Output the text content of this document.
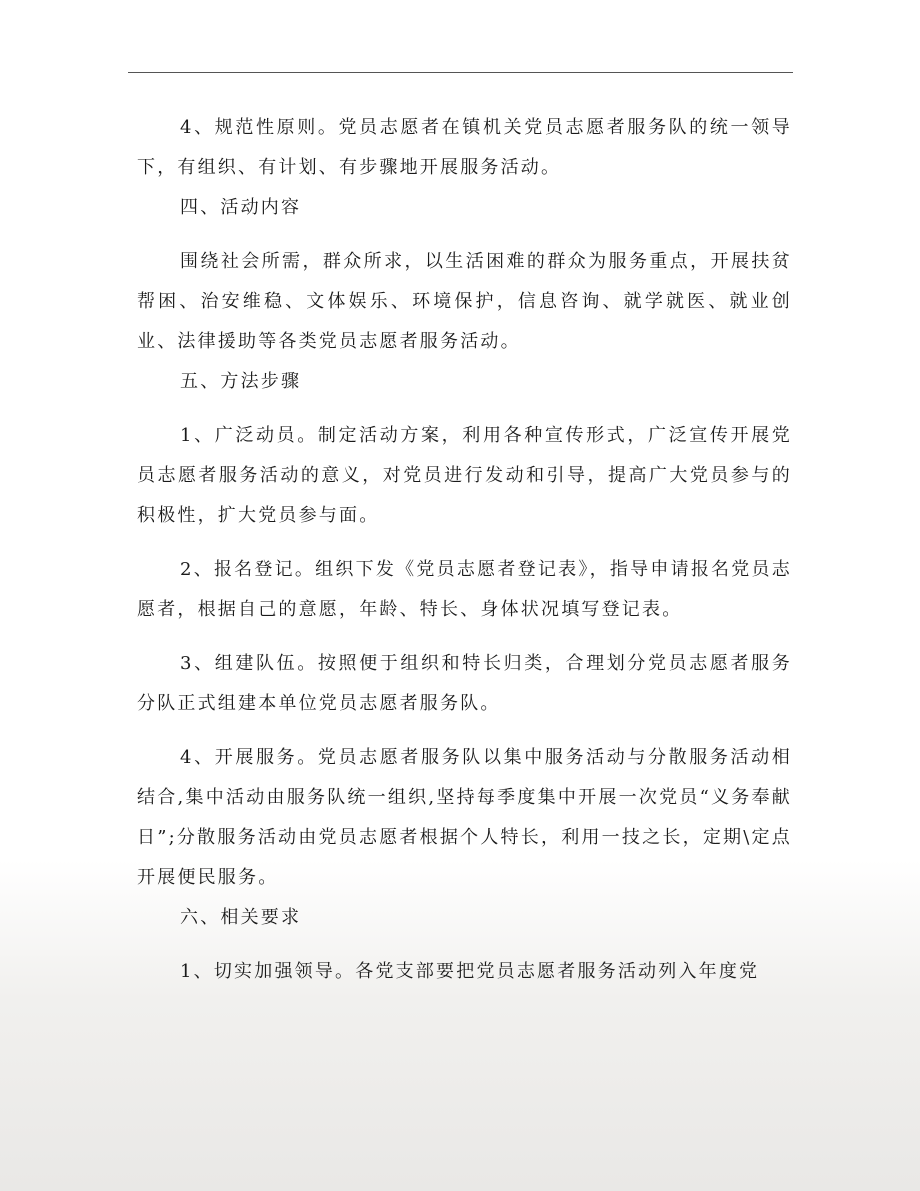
4、规范性原则。党员志愿者在镇机关党员志愿者服务队的统一领导下，有组织、有计划、有步骤地开展服务活动。

四、活动内容

围绕社会所需，群众所求，以生活困难的群众为服务重点，开展扶贫帮困、治安维稳、文体娱乐、环境保护，信息咨询、就学就医、就业创业、法律援助等各类党员志愿者服务活动。

五、方法步骤

1、广泛动员。制定活动方案，利用各种宣传形式，广泛宣传开展党员志愿者服务活动的意义，对党员进行发动和引导，提高广大党员参与的积极性，扩大党员参与面。

2、报名登记。组织下发《党员志愿者登记表》，指导申请报名党员志愿者，根据自己的意愿，年龄、特长、身体状况填写登记表。

3、组建队伍。按照便于组织和特长归类，合理划分党员志愿者服务分队正式组建本单位党员志愿者服务队。

4、开展服务。党员志愿者服务队以集中服务活动与分散服务活动相结合,集中活动由服务队统一组织,坚持每季度集中开展一次党员“义务奉献日”;分散服务活动由党员志愿者根据个人特长，利用一技之长，定期\定点开展便民服务。

六、相关要求

1、切实加强领导。各党支部要把党员志愿者服务活动列入年度党
